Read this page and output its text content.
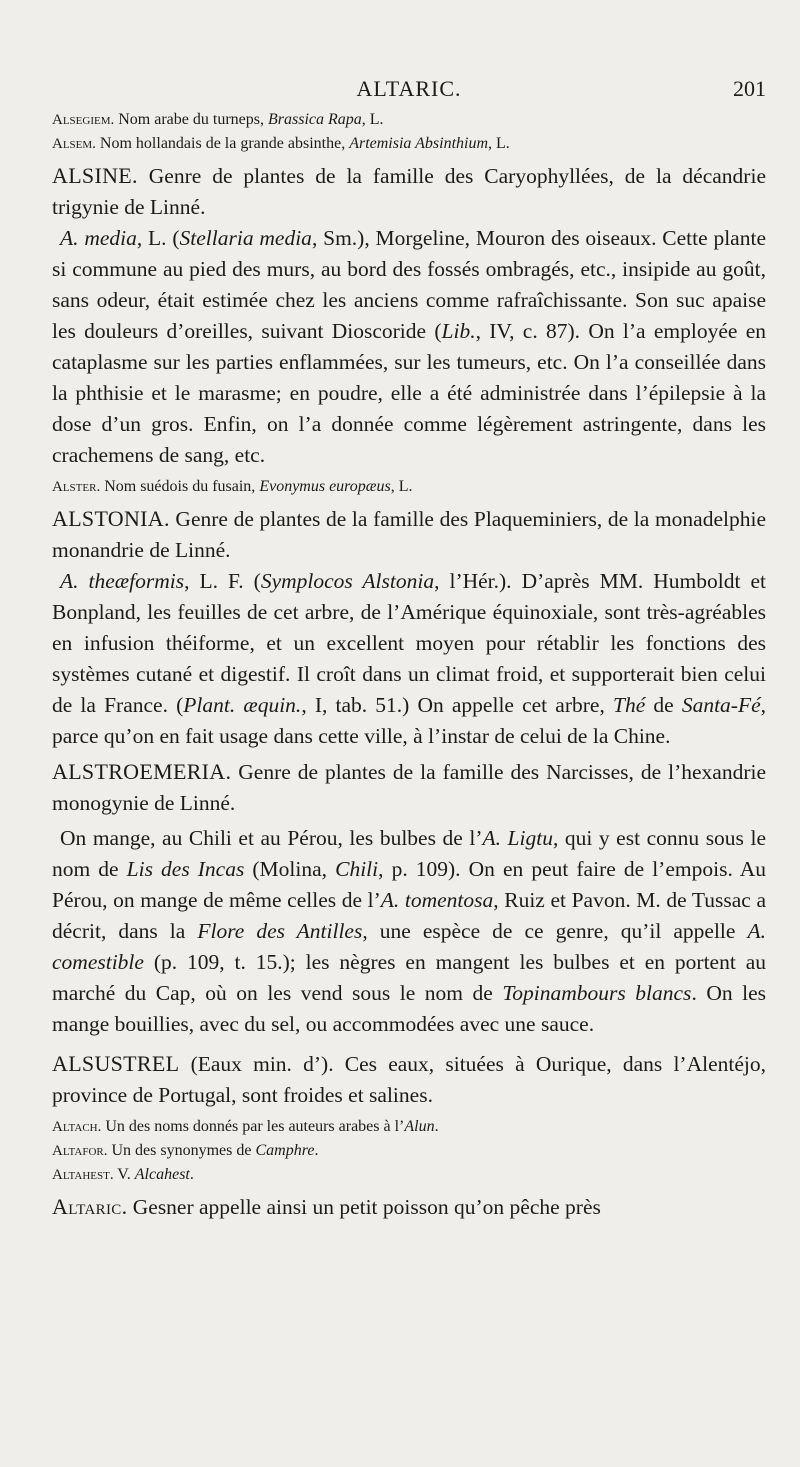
ALTARIC.	201

Alsegiem. Nom arabe du turneps, Brassica Rapa, L.

Alsem. Nom hollandais de la grande absinthe, Artemisia Absinthium, L.

ALSINE. Genre de plantes de la famille des Caryophyllées, de la décandrie trigynie de Linné.

A. media, L. (Stellaria media, Sm.), Morgeline, Mouron des oiseaux. Cette plante si commune au pied des murs, au bord des fossés ombragés, etc., insipide au goût, sans odeur, était estimée chez les anciens comme rafraîchissante. Son suc apaise les douleurs d’oreilles, suivant Dioscoride (Lib., IV, c. 87). On l’a employée en cataplasme sur les parties enflammées, sur les tumeurs, etc. On l’a conseillée dans la phthisie et le marasme; en poudre, elle a été administrée dans l’épilepsie à la dose d’un gros. Enfin, on l’a donnée comme légèrement astringente, dans les crachemens de sang, etc.

Alster. Nom suédois du fusain, Evonymus europæus, L.

ALSTONIA. Genre de plantes de la famille des Plaqueminiers, de la monadelphie monandrie de Linné.

A. theæformis, L. F. (Symplocos Alstonia, l’Hér.). D’après MM. Humboldt et Bonpland, les feuilles de cet arbre, de l’Amérique équinoxiale, sont très-agréables en infusion théiforme, et un excellent moyen pour rétablir les fonctions des systèmes cutané et digestif. Il croît dans un climat froid, et supporterait bien celui de la France. (Plant. æquin., I, tab. 51.) On appelle cet arbre, Thé de Santa-Fé, parce qu’on en fait usage dans cette ville, à l’instar de celui de la Chine.

ALSTROEMERIA. Genre de plantes de la famille des Narcisses, de l’hexandrie monogynie de Linné.

On mange, au Chili et au Pérou, les bulbes de l’A. Ligtu, qui y est connu sous le nom de Lis des Incas (Molina, Chili, p. 109). On en peut faire de l’empois. Au Pérou, on mange de même celles de l’A. tomentosa, Ruiz et Pavon. M. de Tussac a décrit, dans la Flore des Antilles, une espèce de ce genre, qu’il appelle A. comestible (p. 109, t. 15.); les nègres en mangent les bulbes et en portent au marché du Cap, où on les vend sous le nom de Topinambours blancs. On les mange bouillies, avec du sel, ou accommodées avec une sauce.

ALSUSTREL (Eaux min. d’). Ces eaux, situées à Ourique, dans l’Alentéjo, province de Portugal, sont froides et salines.

Altach. Un des noms donnés par les auteurs arabes à l’Alun.

Altafor. Un des synonymes de Camphre.

Altahest. V. Alcahest.

Altaric. Gesner appelle ainsi un petit poisson qu’on pêche près
